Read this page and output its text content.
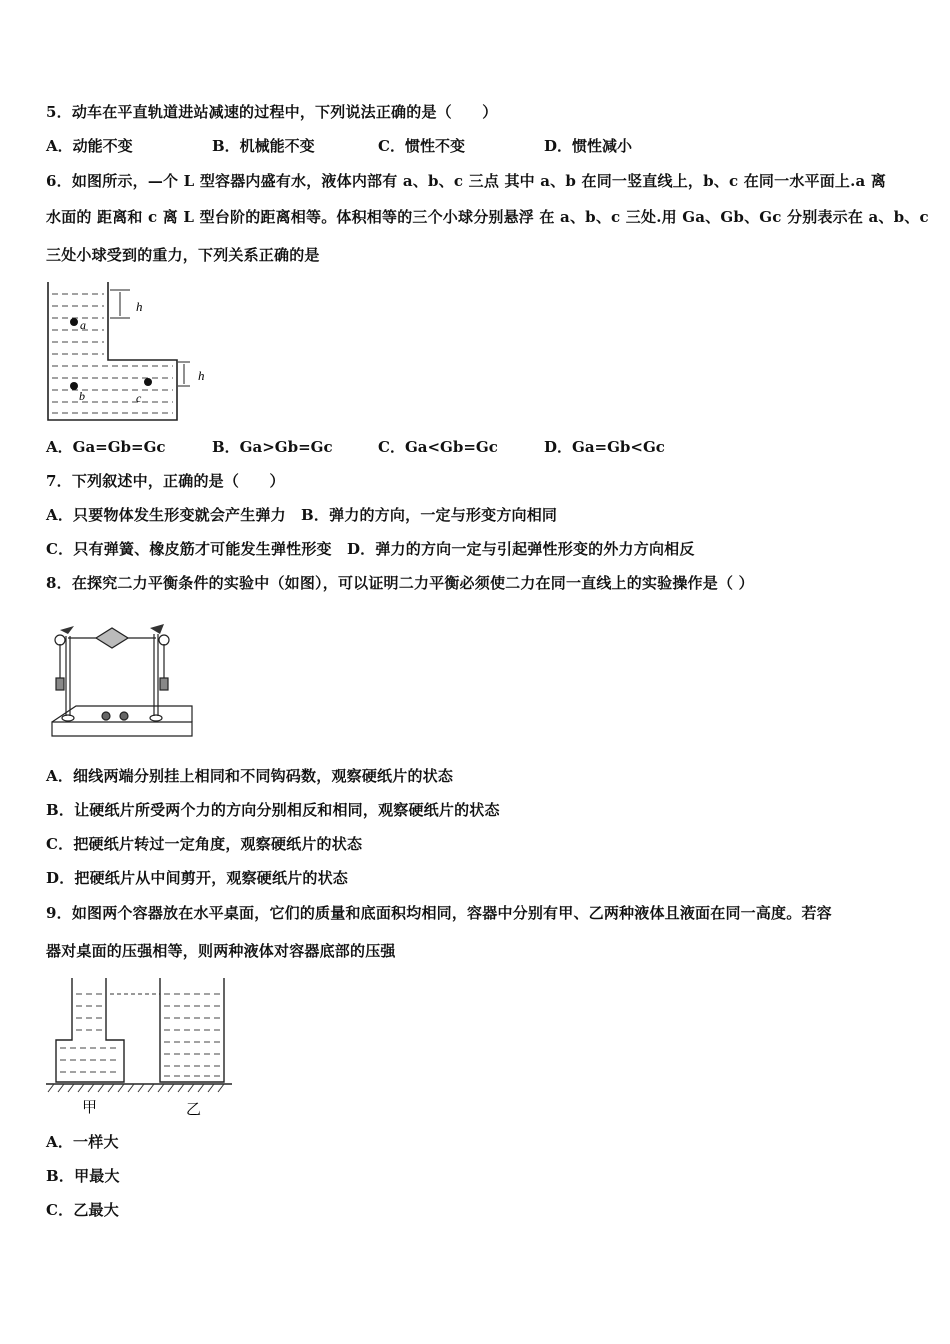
5．动车在平直轨道进站减速的过程中，下列说法正确的是（　　）
A．动能不变	B．机械能不变	C．惯性不变	D．惯性减小
6．如图所示，—个 L 型容器内盛有水，液体内部有 a、b、c 三点 其中 a、b 在同一竖直线上，b、c 在同一水平面上.a 离
水面的 距离和 c 离 L 型台阶的距离相等。体积相等的三个小球分别悬浮 在 a、b、c 三处.用 Ga、Gb、Gc 分别表示在 a、b、c
三处小球受到的重力，下列关系正确的是
h
h
a
b	c
A．Ga=Gb=Gc	B．Ga>Gb=Gc	C．Ga<Gb=Gc	D．Ga=Gb<Gc
7．下列叙述中，正确的是（　　）
A．只要物体发生形变就会产生弹力　B．弹力的方向，一定与形变方向相同
C．只有弹簧、橡皮筋才可能发生弹性形变　D．弹力的方向一定与引起弹性形变的外力方向相反
8．在探究二力平衡条件的实验中（如图），可以证明二力平衡必须使二力在同一直线上的实验操作是（ ）
A．细线两端分别挂上相同和不同钩码数，观察硬纸片的状态
B．让硬纸片所受两个力的方向分别相反和相同，观察硬纸片的状态
C．把硬纸片转过一定角度，观察硬纸片的状态
D．把硬纸片从中间剪开，观察硬纸片的状态
9．如图两个容器放在水平桌面，它们的质量和底面积均相同，容器中分别有甲、乙两种液体且液面在同一高度。若容
器对桌面的压强相等，则两种液体对容器底部的压强
甲	乙
A．一样大
B．甲最大
C．乙最大
